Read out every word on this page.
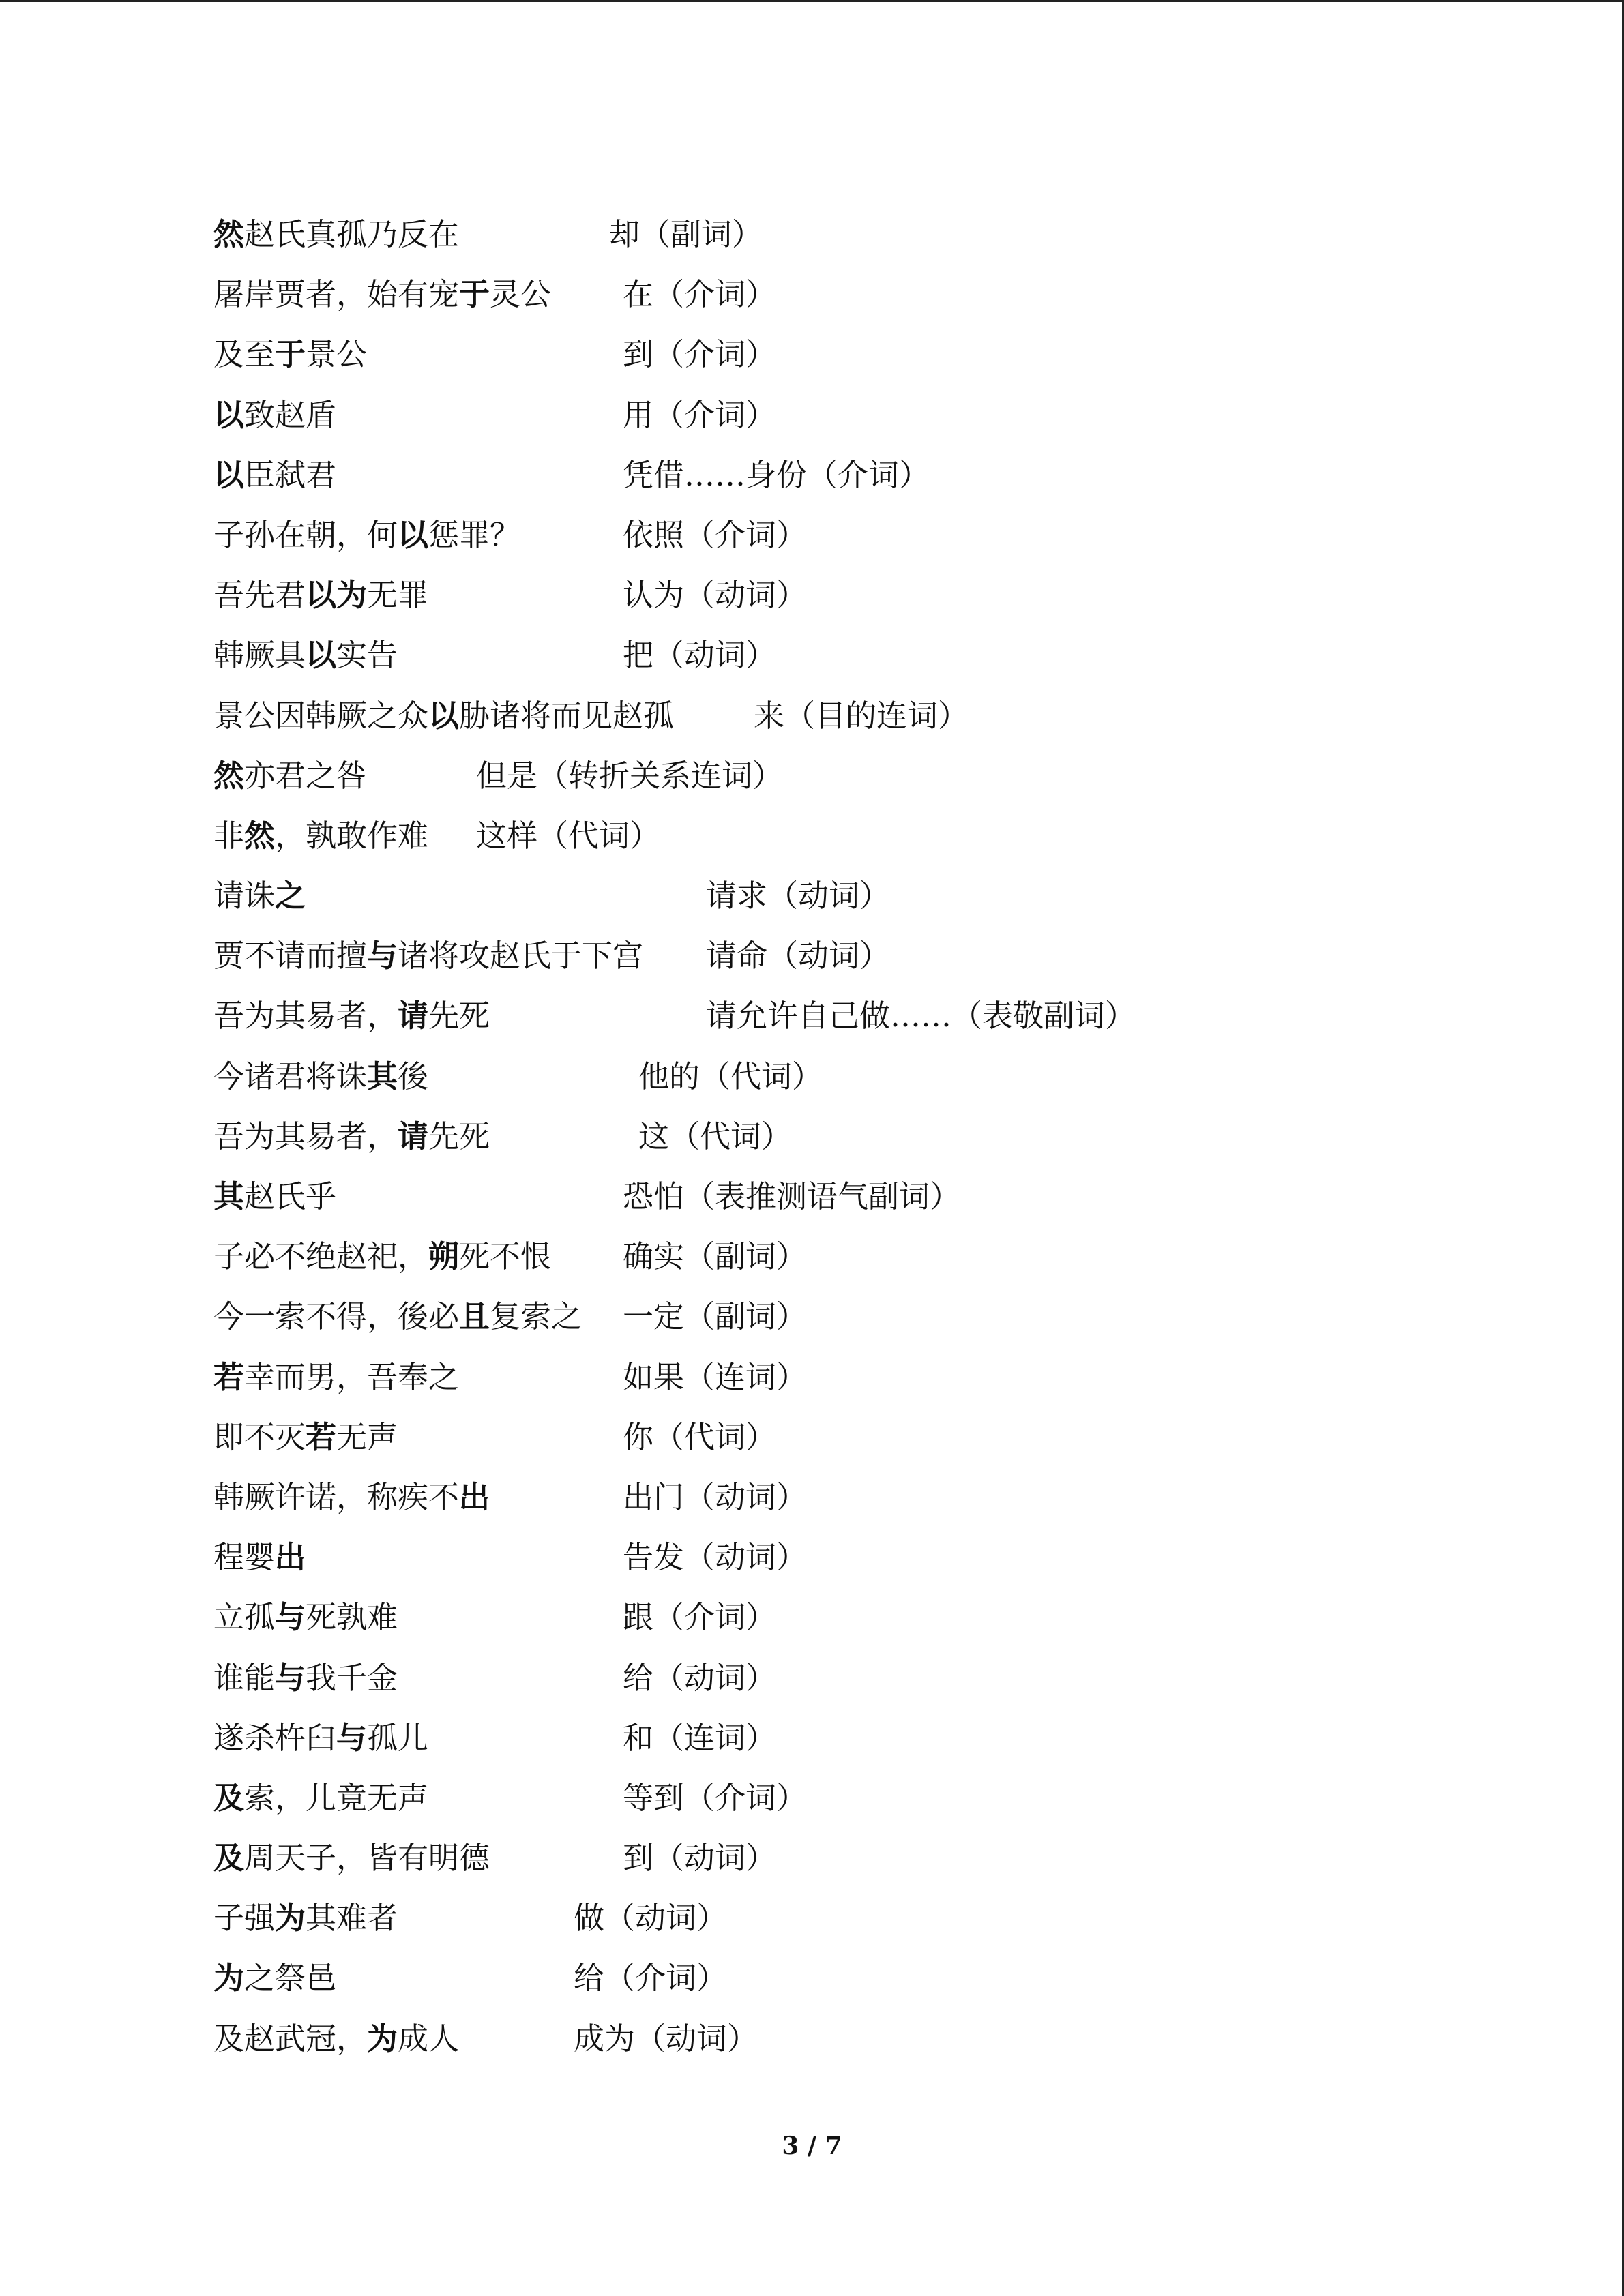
然赵氏真孤乃反在	却（副词）
屠岸贾者，始有宠于灵公 在（介词）
及至于景公	到（介词）
以致赵盾	用（介词）
以臣弑君	凭借……身份（介词）
子孙在朝，何以惩罪？	依照（介词）
吾先君以为无罪	认为（动词）
韩厥具以实告	把（动词）
景公因韩厥之众以胁诸将而见赵孤	来（目的连词）
然亦君之咎	但是（转折关系连词）
非然，孰敢作难 这样（代词）
请诛之	请求（动词）
贾不请而擅与诸将攻赵氏于下宫 请命（动词）
吾为其易者，请先死	请允许自己做……（表敬副词）
今诸君将诛其後	他的（代词）
吾为其易者，请先死	这（代词）
其赵氏乎	恐怕（表推测语气副词）
子必不绝赵祀，朔死不恨 确实（副词）
今一索不得，後必且复索之 一定（副词）
若幸而男，吾奉之	如果（连词）
即不灭若无声	你（代词）
韩厥许诺，称疾不出	出门（动词）
程婴出	告发（动词）
立孤与死孰难	跟（介词）
谁能与我千金	给（动词）
遂杀杵臼与孤儿	和（连词）
及索，儿竟无声	等到（介词）
及周天子，皆有明德	到（动词）
子强为其难者	做（动词）
为之祭邑	给（介词）
及赵武冠，为成人	成为（动词）
3 / 7
